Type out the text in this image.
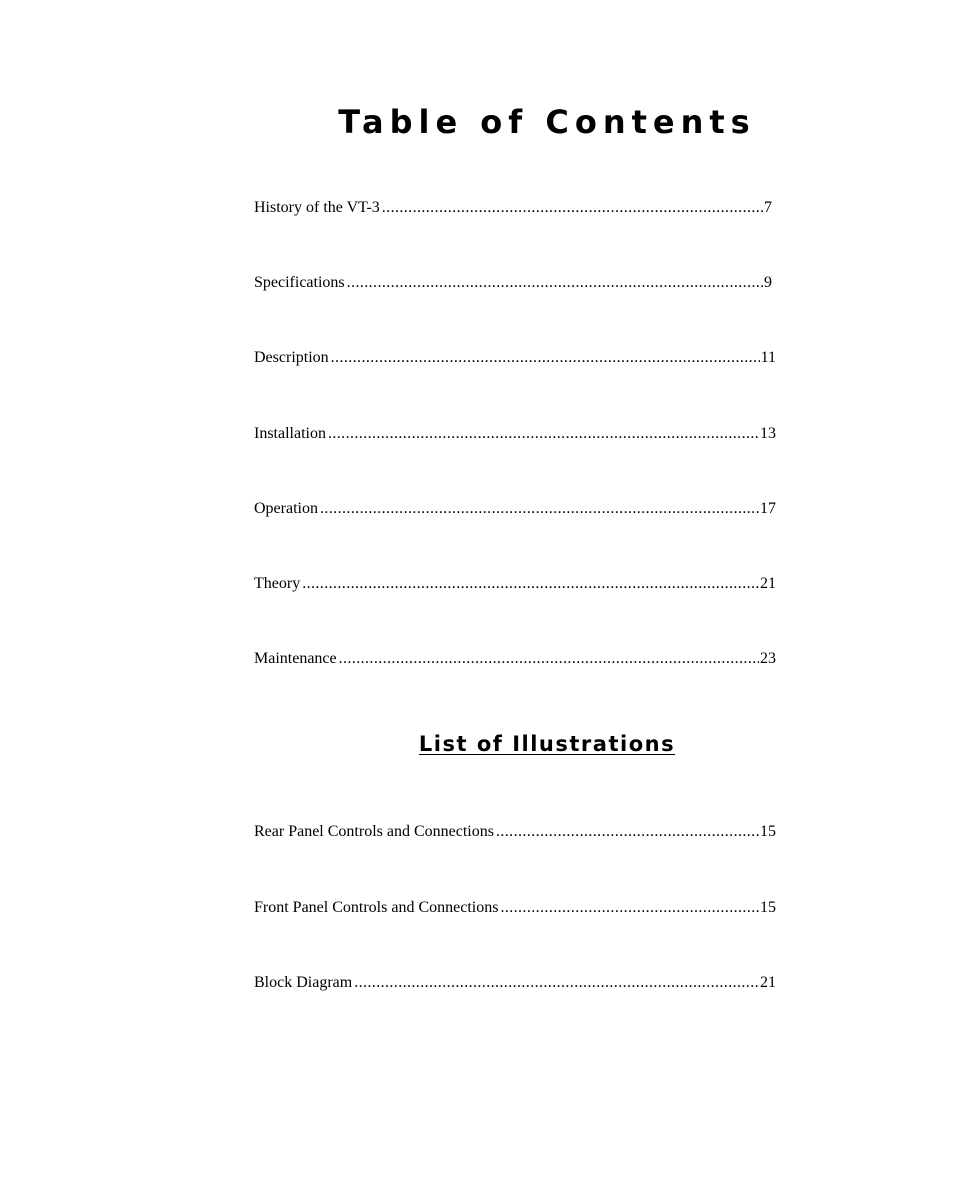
Table of Contents
History of the VT-3 .....	7
Specifications .....	9
Description .....	11
Installation .....	13
Operation .....	17
Theory .....	21
Maintenance .....	23
List of Illustrations
Rear Panel Controls and Connections .....	15
Front Panel Controls and Connections .....	15
Block Diagram .....	21
